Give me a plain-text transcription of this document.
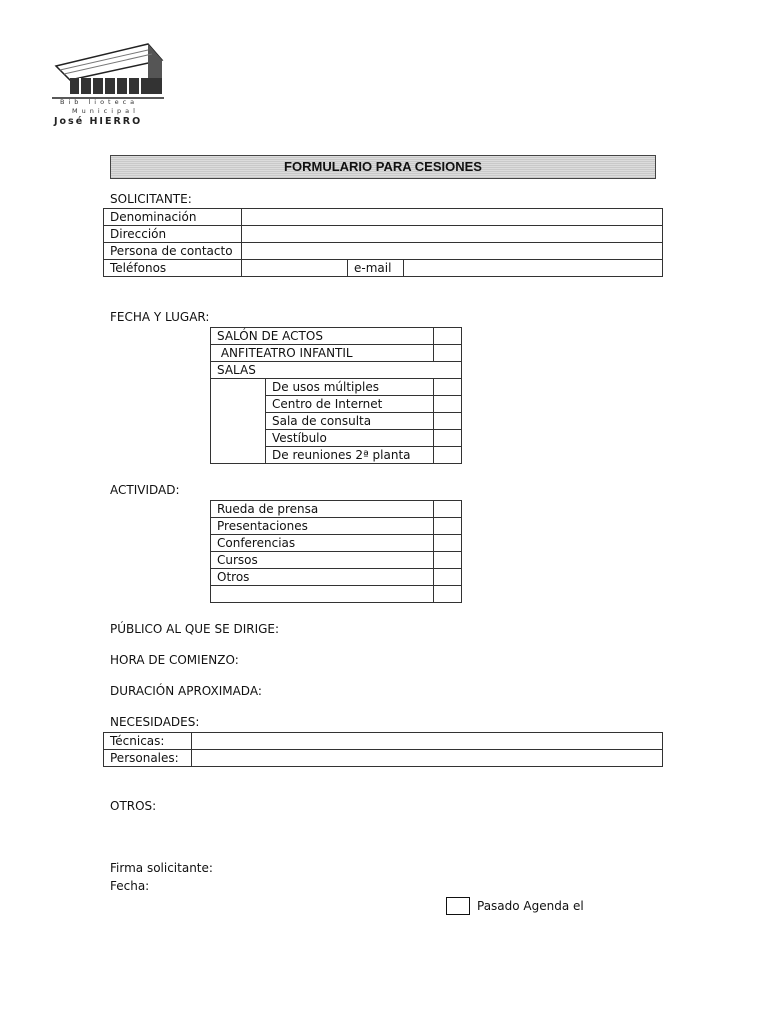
Bib lioteca
Municipal
José HIERRO
FORMULARIO PARA CESIONES
SOLICITANTE:
Denominación			
Dirección			
Persona de contacto			
Teléfonos		e-mail	
FECHA Y LUGAR:
SALÓN DE ACTOS		
ANFITEATRO INFANTIL		
SALAS		
	De usos múltiples	
	Centro de Internet	
	Sala de consulta	
	Vestíbulo	
	De reuniones 2ª planta	
ACTIVIDAD:
Rueda de prensa	
Presentaciones	
Conferencias	
Cursos	
Otros	

PÚBLICO AL QUE SE DIRIGE:
HORA DE COMIENZO:
DURACIÓN APROXIMADA:
NECESIDADES:
Técnicas:	
Personales:	
OTROS:
Firma solicitante:
Fecha:
Pasado Agenda el
